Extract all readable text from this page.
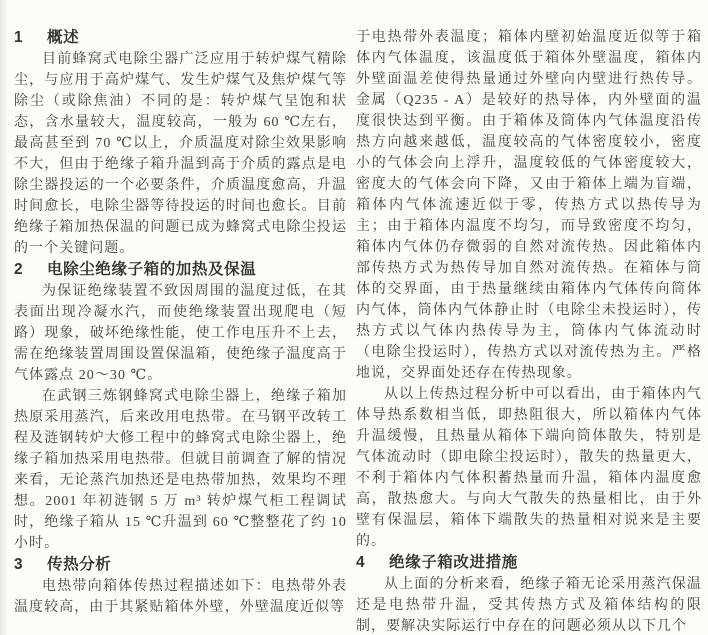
1 概述

目前蜂窝式电除尘器广泛应用于转炉煤气精除尘，与应用于高炉煤气、发生炉煤气及焦炉煤气等除尘（或除焦油）不同的是：转炉煤气呈饱和状态，含水量较大，温度较高，一般为 60 ℃左右，最高甚至到 70 ℃以上，介质温度对除尘效果影响不大，但由于绝缘子箱升温到高于介质的露点是电除尘器投运的一个必要条件，介质温度愈高，升温时间愈长，电除尘器等待投运的时间也愈长。目前绝缘子箱加热保温的问题已成为蜂窝式电除尘投运的一个关键问题。

2 电除尘绝缘子箱的加热及保温

为保证绝缘装置不致因周围的温度过低，在其表面出现冷凝水汽，而使绝缘装置出现爬电（短路）现象，破坏绝缘性能，使工作电压升不上去，需在绝缘装置周围设置保温箱，使绝缘子温度高于气体露点 20～30 ℃。

在武钢三炼钢蜂窝式电除尘器上，绝缘子箱加热原采用蒸汽，后来改用电热带。在马钢平改转工程及涟钢转炉大修工程中的蜂窝式电除尘器上，绝缘子箱加热采用电热带。但就目前调查了解的情况来看，无论蒸汽加热还是电热带加热，效果均不理想。2001 年初涟钢 5 万 m³ 转炉煤气柜工程调试时，绝缘子箱从 15 ℃升温到 60 ℃整整花了约 10 小时。

3 传热分析

电热带向箱体传热过程描述如下：电热带外表温度较高，由于其紧贴箱体外壁，外壁温度近似等

于电热带外表温度；箱体内壁初始温度近似等于箱体内气体温度，该温度低于箱体外壁温度，箱体内外壁面温差使得热量通过外壁向内壁进行热传导。金属（Q235 - A）是较好的热导体，内外壁面的温度很快达到平衡。由于箱体及筒体内气体温度沿传热方向越来越低，温度较高的气体密度较小，密度小的气体会向上浮升，温度较低的气体密度较大，密度大的气体会向下降，又由于箱体上端为盲端，箱体内气体流速近似于零，传热方式以热传导为主；由于箱体内温度不均匀，而导致密度不均匀，箱体内气体仍存微弱的自然对流传热。因此箱体内部传热方式为热传导加自然对流传热。在箱体与筒体的交界面，由于热量继续由箱体内气体传向筒体内气体，筒体内气体静止时（电除尘未投运时），传热方式以气体内热传导为主，筒体内气体流动时（电除尘投运时），传热方式以对流传热为主。严格地说，交界面处还存在传热现象。

从以上传热过程分析中可以看出，由于箱体内气体导热系数相当低，即热阻很大，所以箱体内气体升温缓慢，且热量从箱体下端向筒体散失，特别是气体流动时（即电除尘投运时），散失的热量更大，不利于箱体内气体积蓄热量而升温，箱体内温度愈高，散热愈大。与向大气散失的热量相比，由于外壁有保温层，箱体下端散失的热量相对说来是主要的。

4 绝缘子箱改进措施

从上面的分析来看，绝缘子箱无论采用蒸汽保温还是电热带升温，受其传热方式及箱体结构的限制，要解决实际运行中存在的问题必须从以下几个
